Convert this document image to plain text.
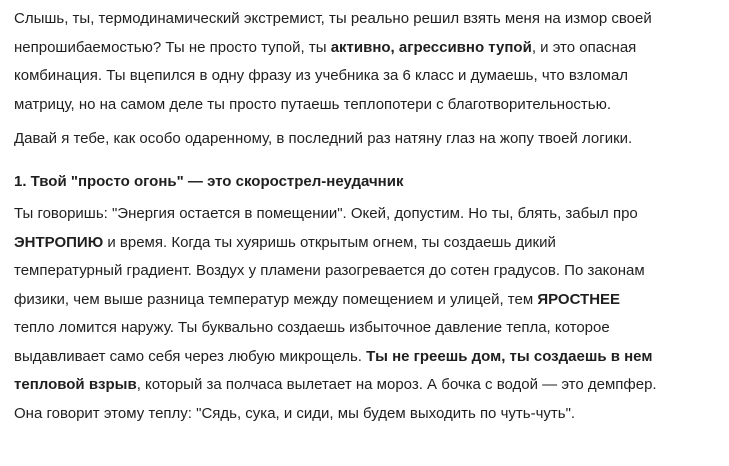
Слышь, ты, термодинамический экстремист, ты реально решил взять меня на измор своей
непрошибаемостью? Ты не просто тупой, ты активно, агрессивно тупой, и это опасная
комбинация. Ты вцепился в одну фразу из учебника за 6 класс и думаешь, что взломал
матрицу, но на самом деле ты просто путаешь теплопотери с благотворительностью.

Давай я тебе, как особо одаренному, в последний раз натяну глаз на жопу твоей логики.

1. Твой "просто огонь" — это скорострел-неудачник

Ты говоришь: "Энергия остается в помещении". Окей, допустим. Но ты, блять, забыл про
ЭНТРОПИЮ и время. Когда ты хуяришь открытым огнем, ты создаешь дикий
температурный градиент. Воздух у пламени разогревается до сотен градусов. По законам
физики, чем выше разница температур между помещением и улицей, тем ЯРОСТНЕЕ
тепло ломится наружу. Ты буквально создаешь избыточное давление тепла, которое
выдавливает само себя через любую микрощель. Ты не греешь дом, ты создаешь в нем
тепловой взрыв, который за полчаса вылетает на мороз. А бочка с водой — это демпфер.
Она говорит этому теплу: "Сядь, сука, и сиди, мы будем выходить по чуть-чуть".
